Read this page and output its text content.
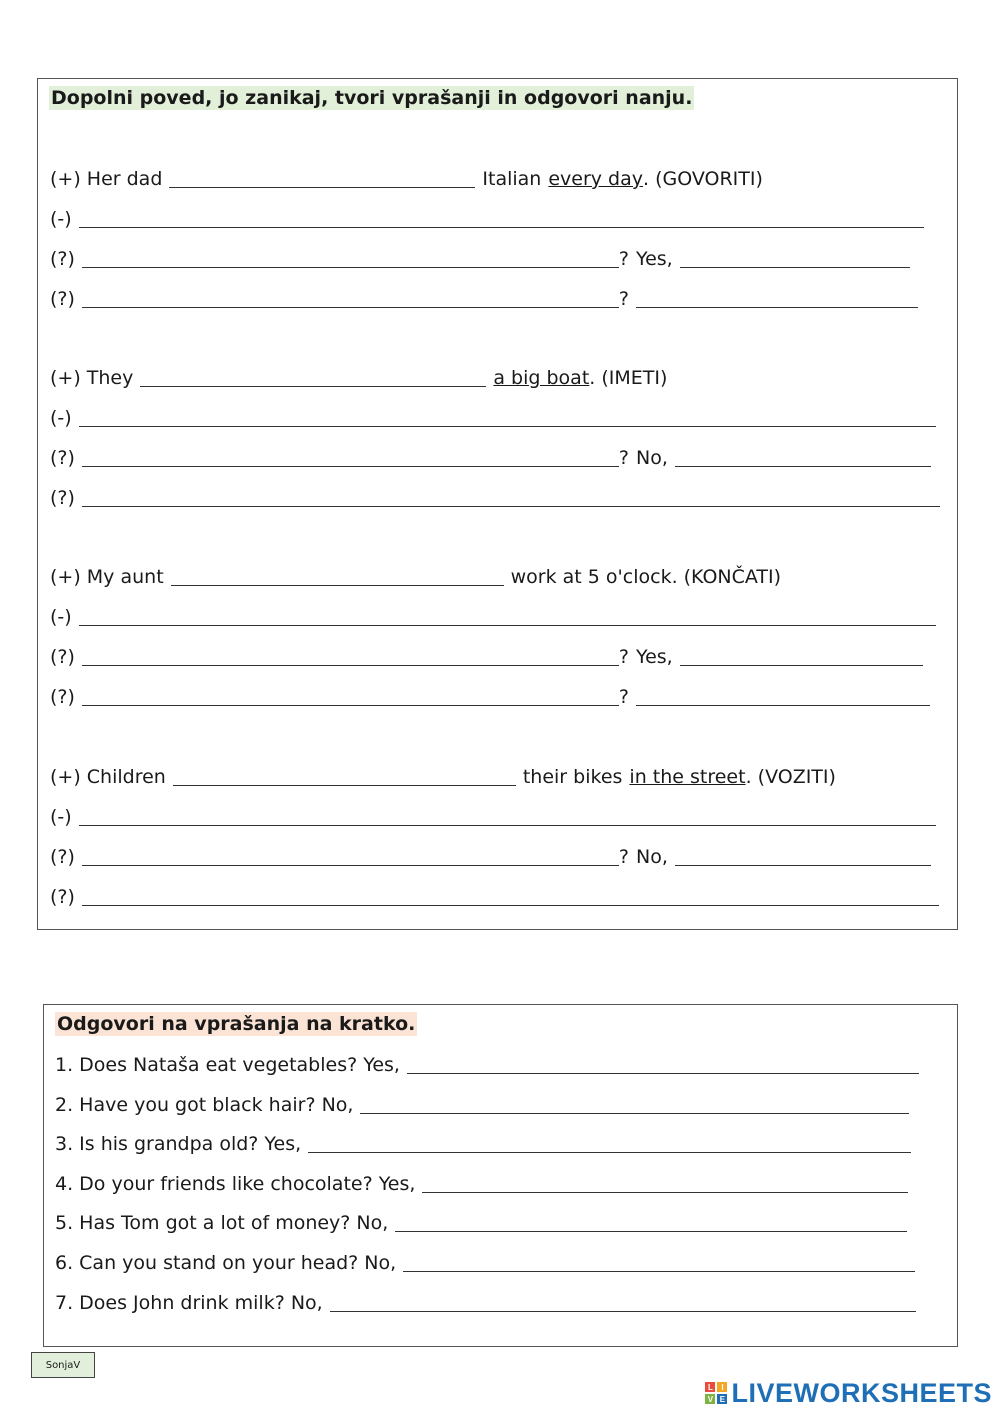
Dopolni poved, jo zanikaj, tvori vprašanji in odgovori nanju.
(+) Her dad	Italian every day . (GOVORITI)
(-)
(?)	? Yes,
(?)	?
(+) They	a big boat . (IMETI)
(-)
(?)	? No,
(?)
(+) My aunt	work at 5 o'clock. (KONČATI)
(-)
(?)	? Yes,
(?)	?
(+) Children	their bikes in the street . (VOZITI)
(-)
(?)	? No,
(?)
Odgovori na vprašanja na kratko.
1. Does Nataša eat vegetables? Yes,
2. Have you got black hair? No,
3. Is his grandpa old? Yes,
4. Do your friends like chocolate? Yes,
5. Has Tom got a lot of money? No,
6. Can you stand on your head? No,
7. Does John drink milk? No,
SonjaV
L	I
V E LIVEWORKSHEETS
